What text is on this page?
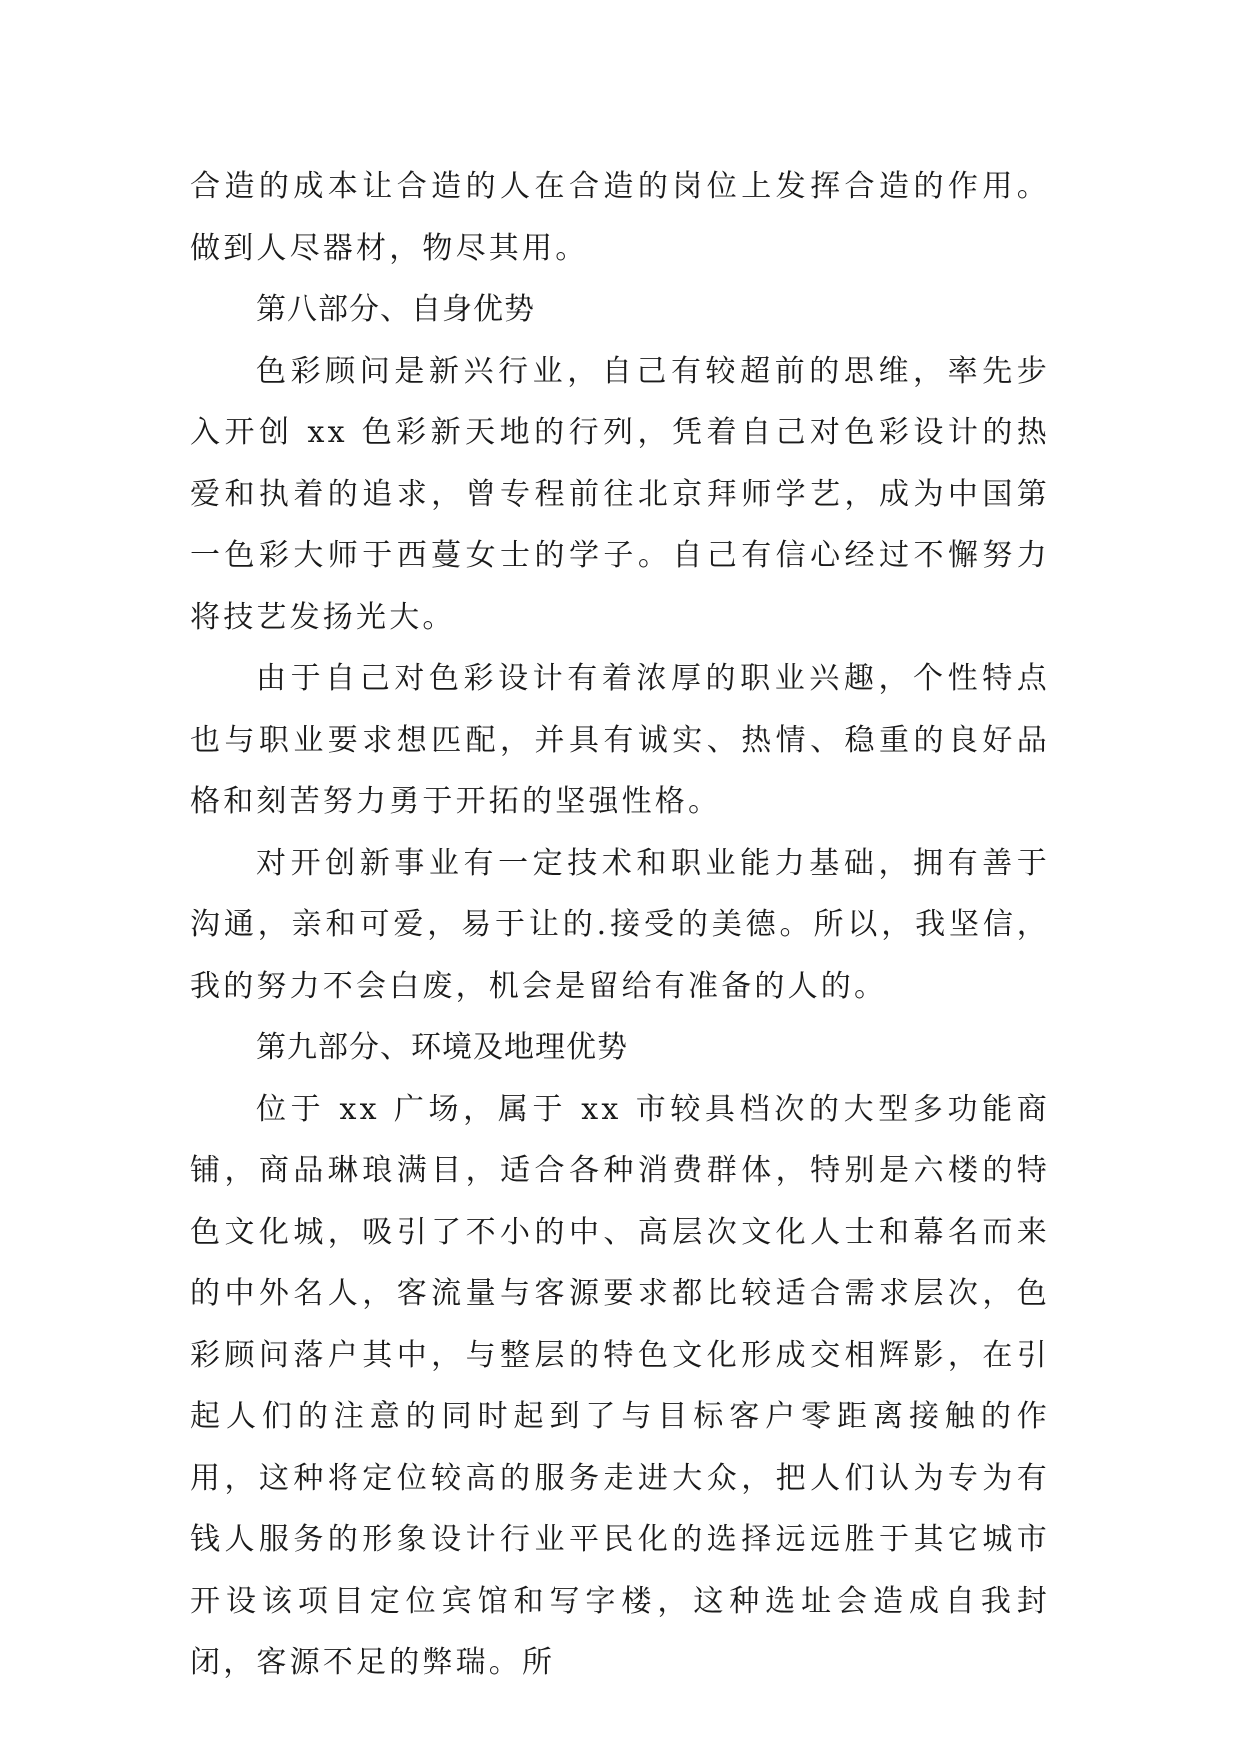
合造的成本让合造的人在合造的岗位上发挥合造的作用。做到人尽器材，物尽其用。

第八部分、自身优势

色彩顾问是新兴行业，自己有较超前的思维，率先步入开创 xx 色彩新天地的行列，凭着自己对色彩设计的热爱和执着的追求，曾专程前往北京拜师学艺，成为中国第一色彩大师于西蔓女士的学子。自己有信心经过不懈努力将技艺发扬光大。

由于自己对色彩设计有着浓厚的职业兴趣，个性特点也与职业要求想匹配，并具有诚实、热情、稳重的良好品格和刻苦努力勇于开拓的坚强性格。

对开创新事业有一定技术和职业能力基础，拥有善于沟通，亲和可爱，易于让的.接受的美德。所以，我坚信，我的努力不会白废，机会是留给有准备的人的。

第九部分、环境及地理优势

位于 xx 广场，属于 xx 市较具档次的大型多功能商铺，商品琳琅满目，适合各种消费群体，特别是六楼的特色文化城，吸引了不小的中、高层次文化人士和幕名而来的中外名人，客流量与客源要求都比较适合需求层次，色彩顾问落户其中，与整层的特色文化形成交相辉影，在引起人们的注意的同时起到了与目标客户零距离接触的作用，这种将定位较高的服务走进大众，把人们认为专为有钱人服务的形象设计行业平民化的选择远远胜于其它城市开设该项目定位宾馆和写字楼，这种选址会造成自我封闭，客源不足的弊瑞。所
